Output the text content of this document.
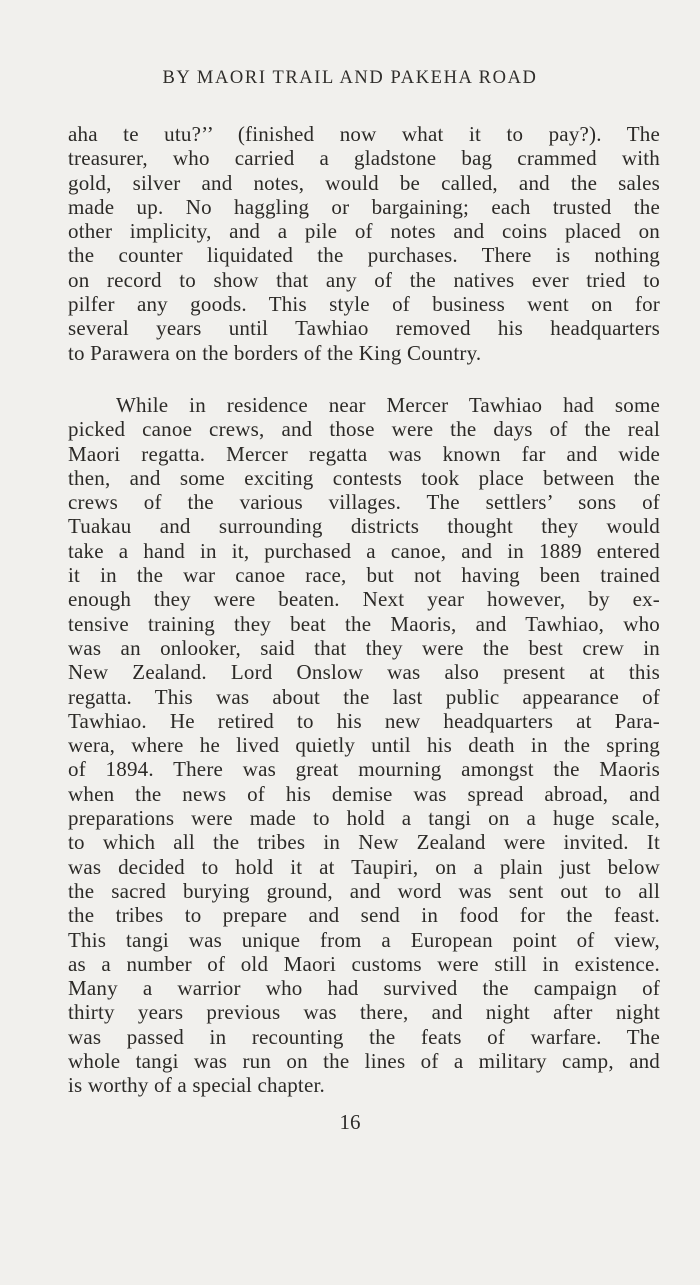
BY MAORI TRAIL AND PAKEHA ROAD
aha te utu?’’ (finished now what it to pay?). The
treasurer, who carried a gladstone bag crammed with
gold, silver and notes, would be called, and the sales
made up. No haggling or bargaining; each trusted the
other implicity, and a pile of notes and coins placed on
the counter liquidated the purchases. There is nothing
on record to show that any of the natives ever tried to
pilfer any goods. This style of business went on for
several years until Tawhiao removed his headquarters
to Parawera on the borders of the King Country.
While in residence near Mercer Tawhiao had some
picked canoe crews, and those were the days of the real
Maori regatta. Mercer regatta was known far and wide
then, and some exciting contests took place between the
crews of the various villages. The settlers’ sons of
Tuakau and surrounding districts thought they would
take a hand in it, purchased a canoe, and in 1889 entered
it in the war canoe race, but not having been trained
enough they were beaten. Next year however, by ex-
tensive training they beat the Maoris, and Tawhiao, who
was an onlooker, said that they were the best crew in
New Zealand. Lord Onslow was also present at this
regatta. This was about the last public appearance of
Tawhiao. He retired to his new headquarters at Para-
wera, where he lived quietly until his death in the spring
of 1894. There was great mourning amongst the Maoris
when the news of his demise was spread abroad, and
preparations were made to hold a tangi on a huge scale,
to which all the tribes in New Zealand were invited. It
was decided to hold it at Taupiri, on a plain just below
the sacred burying ground, and word was sent out to all
the tribes to prepare and send in food for the feast.
This tangi was unique from a European point of view,
as a number of old Maori customs were still in existence.
Many a warrior who had survived the campaign of
thirty years previous was there, and night after night
was passed in recounting the feats of warfare. The
whole tangi was run on the lines of a military camp, and
is worthy of a special chapter.
16
